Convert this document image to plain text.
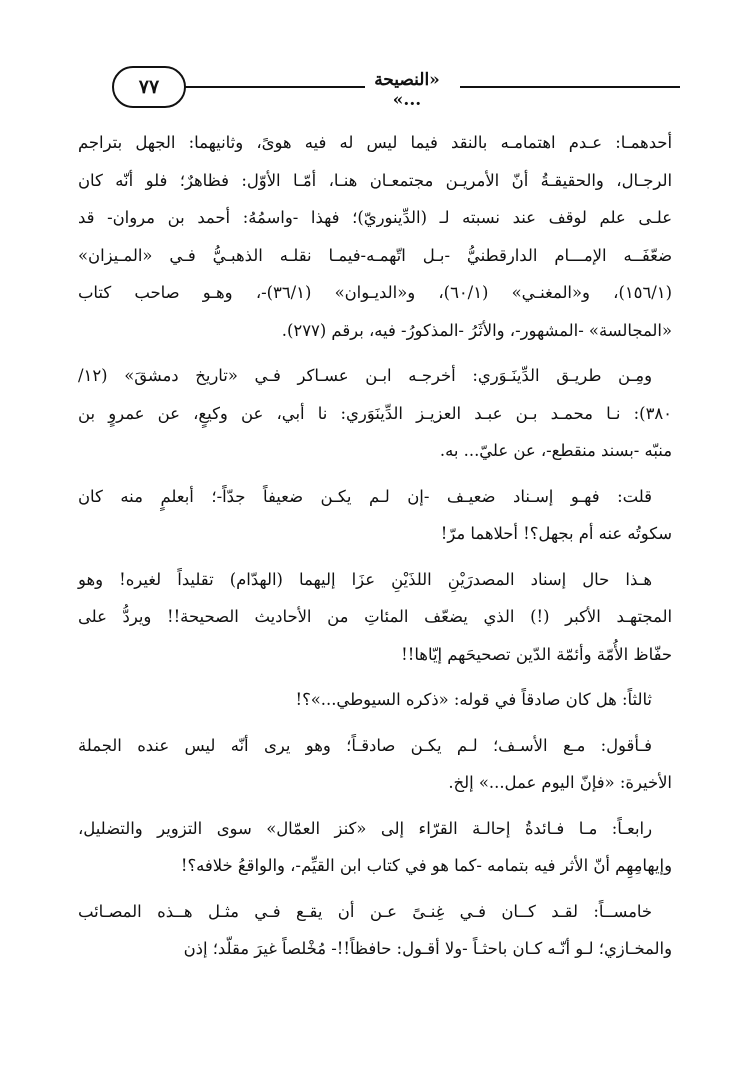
«النصيحة ...»
٧٧
أحدهمـا: عـدم اهتمامـه بالنقد فيما ليس له فيه هوىً، وثانيهما: الجهل بتراجم
الرجـال، والحقيقـةُ أنّ الأمريـن مجتمعـان هنـا، أمّـا الأوّل: فظاهرٌ؛ فلو أنّه كان
علـى علم لوقف عند نسبته لـ (الدِّينوريّ)؛ فهذا -واسمُهُ: أحمد بن مروان- قد
ضعّفَــه الإمـــام الدارقطنيُّ -بـل اتّهمـه-فيمـا نقلـه الذهبـيُّ فـي «المـيزان»
(١٥٦/١)، و«المغنـي» (٦٠/١)، و«الديـوان» (٣٦/١)-، وهـو صاحب كتاب
«المجالسة» -المشهور-، والأثَرُ -المذكورُ- فيه، برقم (٢٧٧).
ومِـن طريـق الدِّينَـوَري: أخرجـه ابـن عسـاكر فـي «تاريخ دمشقَ» (١٢/
٣٨٠): نـا محمـد بـن عبـد العزيـز الدِّينَوَري: نا أبي، عن وكيعٍ، عن عمروٍ بن
منبّه -بسند منقطع-، عن عليّ... به.
قلت: فهـو إسـناد ضعيـف -إن لـم يكـن ضعيفاً جدّاً-؛ أبعلمٍ منه كان
سكوتُه عنه أم بجهل؟! أحلاهما مرّ!
هـذا حال إسناد المصدرَيْنِ اللذَيْنِ عزَا إليهما (الهدّام) تقليداً لغيره! وهو
المجتهـد الأكبر (!) الذي يضعّف المئاتِ من الأحاديث الصحيحة!! ويردُّ على
حفّاظ الأُمّة وأئمّة الدّين تصحيحَهم إيّاها!!
ثالثاً: هل كان صادقاً في قوله: «ذكره السيوطي...»؟!
فـأقول: مـع الأسـف؛ لـم يكـن صادقـاً؛ وهو يرى أنّه ليس عنده الجملة
الأخيرة: «فإنّ اليوم عمل...» إلخ.
رابعـاً: مـا فـائدةُ إحالـة القرّاء إلى «كنز العمّال» سوى التزوير والتضليل،
وإيهامِهِم أنّ الأثر فيه بتمامه -كما هو في كتاب ابن القيِّم-، والواقعُ خلافه؟!
خامســاً: لقـد كــان فـي غِنـىً عـن أن يقـع فـي مثـل هــذه المصـائب
والمخـازي؛ لـو أنّـه كـان باحثـاً -ولا أقـول: حافظاً!!- مُخْلصاً غيرَ مقلّد؛ إذن
